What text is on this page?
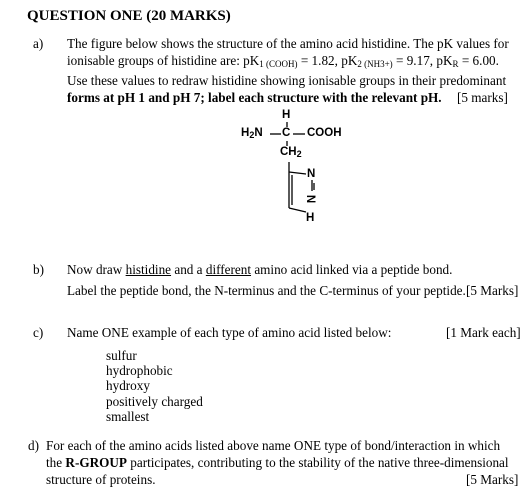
QUESTION ONE (20 MARKS)
a) The figure below shows the structure of the amino acid histidine. The pK values for
ionisable groups of histidine are: $pK_{1 (COOH)} = 1.82$, $pK_{2 (NH3+)} = 9.17$, $pK_R = 6.00$.
Use these values to redraw histidine showing ionisable groups in their predominant
forms at pH 1 and pH 7; label each structure with the relevant pH. [5 marks]
H
$H_2N$ C COOH
$CH_2$
N
N
H
b) Now draw histidine and a different amino acid linked via a peptide bond.
Label the peptide bond, the N-terminus and the C-terminus of your peptide. [5 Marks]
c) Name ONE example of each type of amino acid listed below:	[1 Mark each]
sulfur
hydrophobic
hydroxy
positively charged
smallest
d) For each of the amino acids listed above name ONE type of bond/interaction in which
the R-GROUP participates, contributing to the stability of the native three-dimensional
structure of proteins.	[5 Marks]
